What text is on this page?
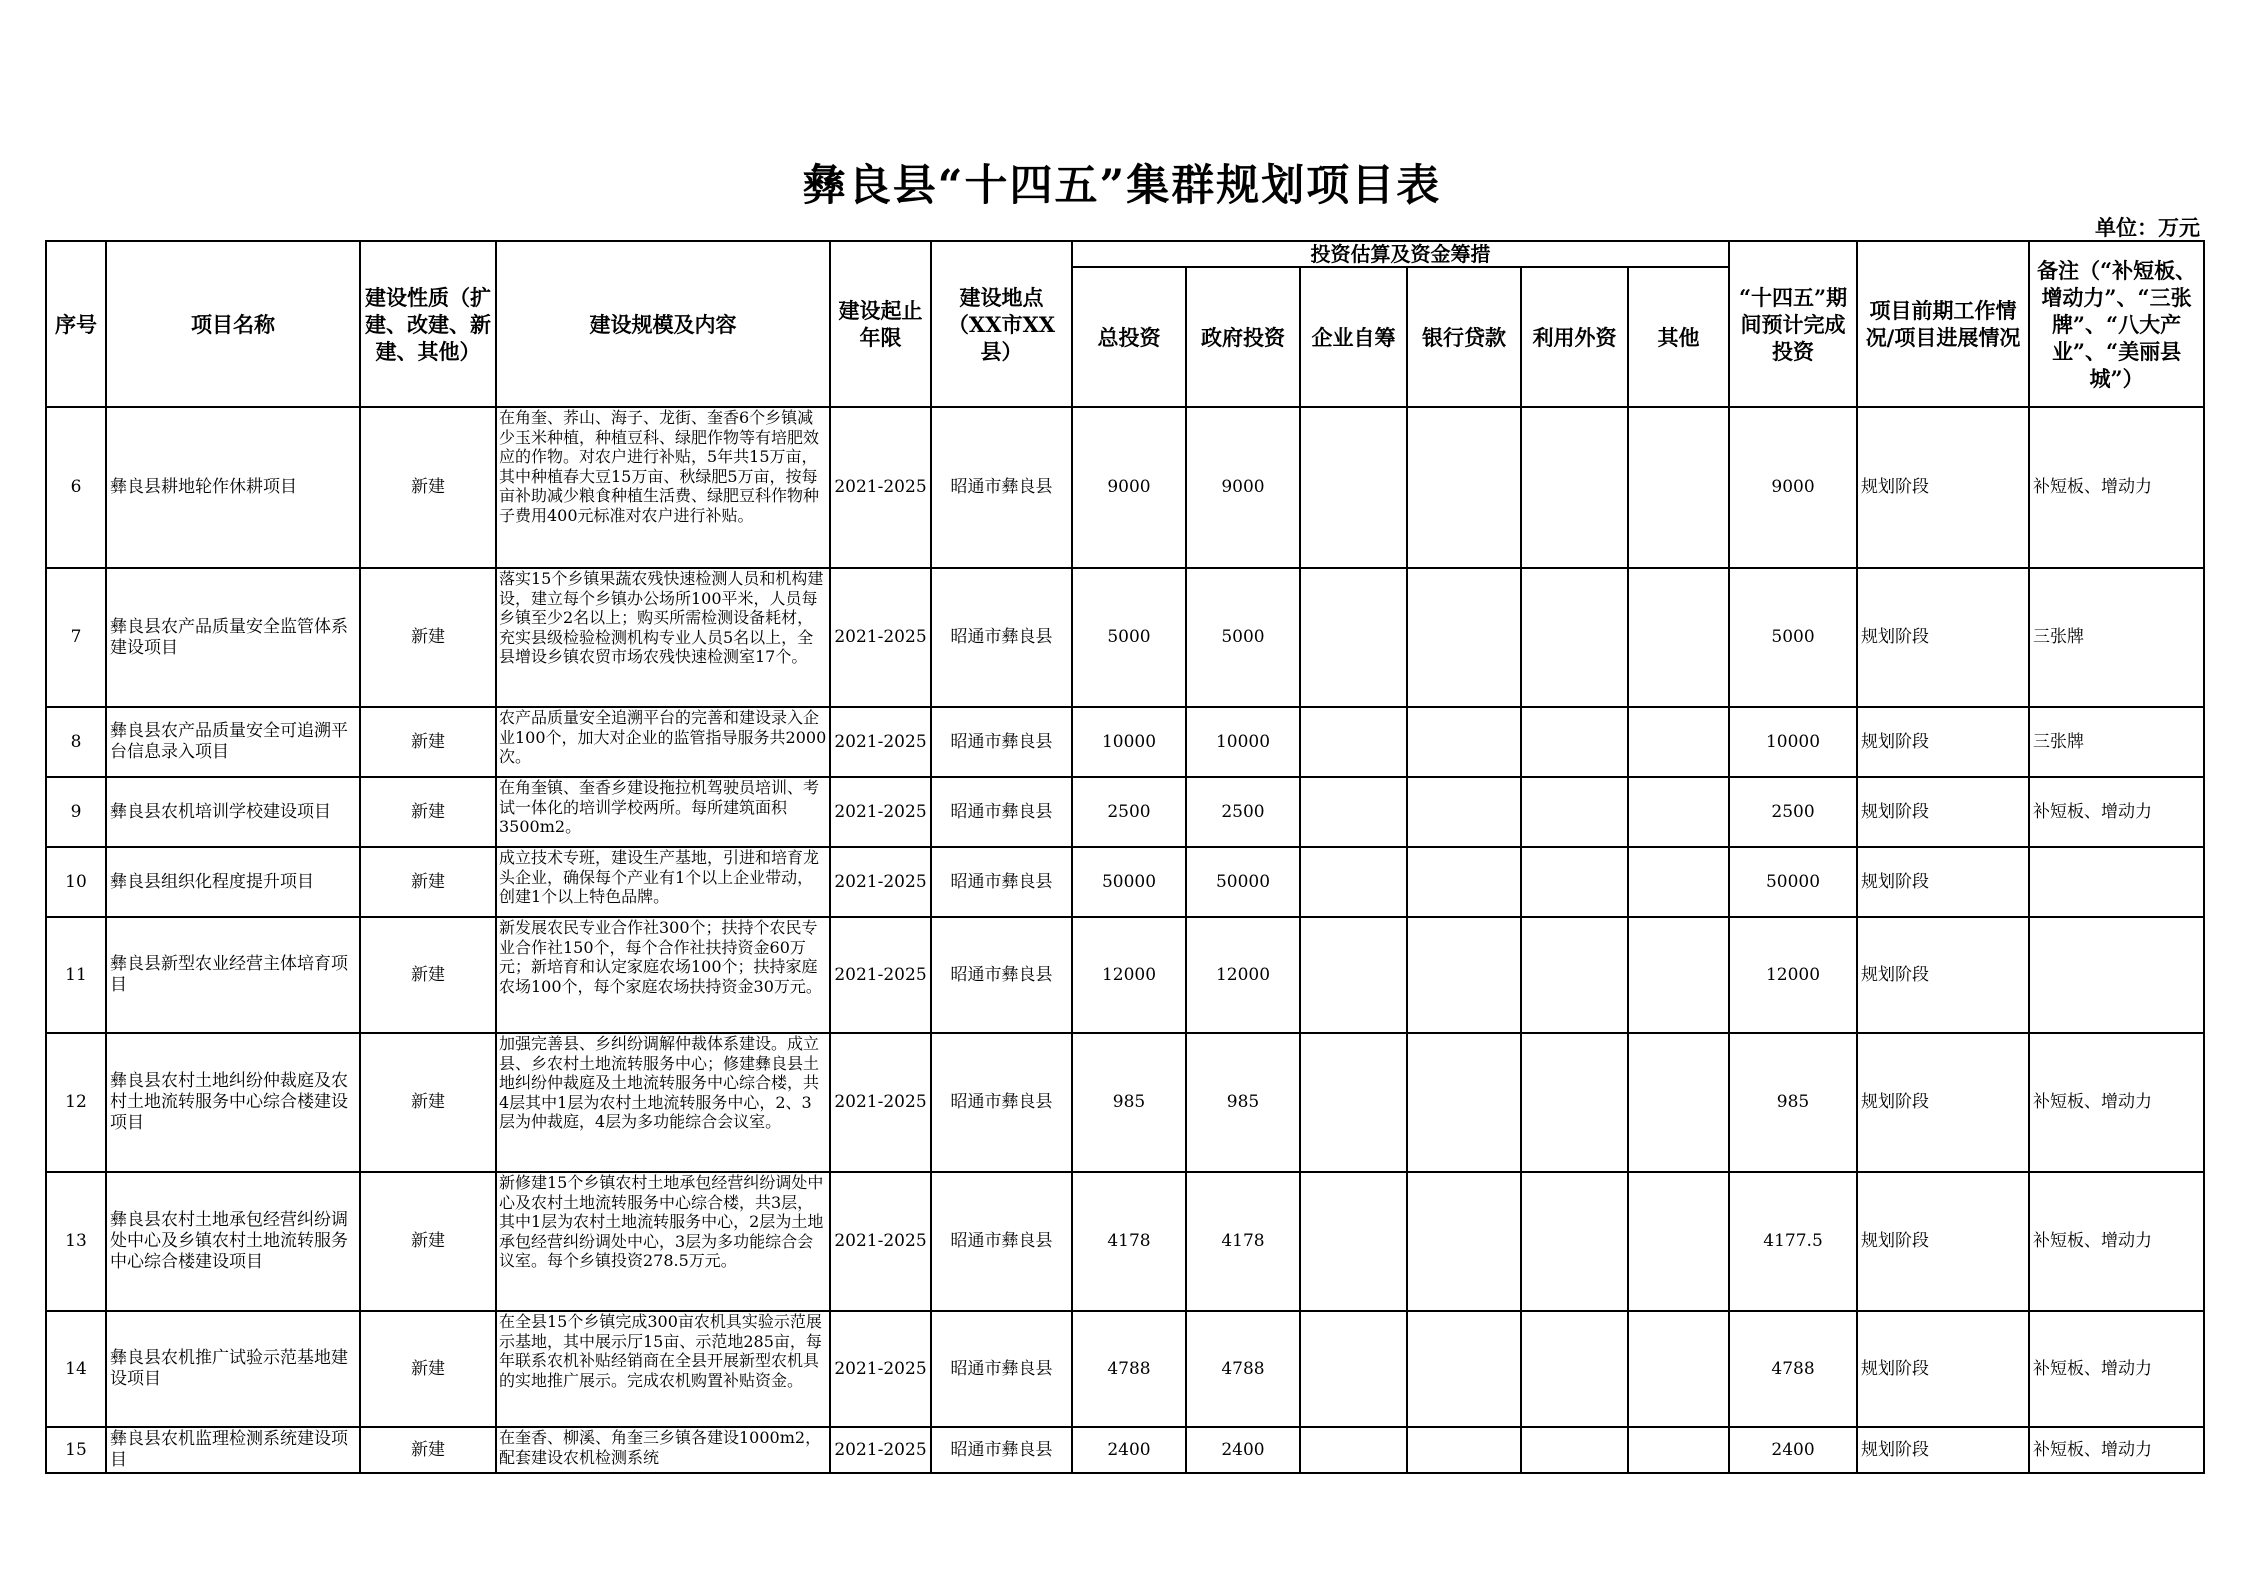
彝良县“十四五”集群规划项目表
单位：万元
序号	项目名称	建设性质（扩建、改建、新建、其他）	建设规模及内容	建设起止年限	建设地点（XX市XX县）	投资估算及资金筹措						“十四五”期间预计完成投资	项目前期工作情况/项目进展情况	备注（“补短板、增动力”、“三张牌”、“八大产业”、“美丽县城”）
						总投资	政府投资	企业自筹	银行贷款	利用外资	其他			
6	彝良县耕地轮作休耕项目	新建	在角奎、荞山、海子、龙街、奎香6个乡镇减少玉米种植，种植豆科、绿肥作物等有培肥效应的作物。对农户进行补贴，5年共15万亩，其中种植春大豆15万亩、秋绿肥5万亩，按每亩补助减少粮食种植生活费、绿肥豆科作物种子费用400元标准对农户进行补贴。	2021-2025	昭通市彝良县	9000	9000					9000	规划阶段	补短板、增动力
7	彝良县农产品质量安全监管体系建设项目	新建	落实15个乡镇果蔬农残快速检测人员和机构建设，建立每个乡镇办公场所100平米，人员每乡镇至少2名以上；购买所需检测设备耗材，充实县级检验检测机构专业人员5名以上，全县增设乡镇农贸市场农残快速检测室17个。	2021-2025	昭通市彝良县	5000	5000					5000	规划阶段	三张牌
8	彝良县农产品质量安全可追溯平台信息录入项目	新建	农产品质量安全追溯平台的完善和建设录入企业100个，加大对企业的监管指导服务共2000次。	2021-2025	昭通市彝良县	10000	10000					10000	规划阶段	三张牌
9	彝良县农机培训学校建设项目	新建	在角奎镇、奎香乡建设拖拉机驾驶员培训、考试一体化的培训学校两所。每所建筑面积3500m2。	2021-2025	昭通市彝良县	2500	2500					2500	规划阶段	补短板、增动力
10	彝良县组织化程度提升项目	新建	成立技术专班，建设生产基地，引进和培育龙头企业，确保每个产业有1个以上企业带动，创建1个以上特色品牌。	2021-2025	昭通市彝良县	50000	50000					50000	规划阶段	
11	彝良县新型农业经营主体培育项目	新建	新发展农民专业合作社300个；扶持个农民专业合作社150个，每个合作社扶持资金60万元；新培育和认定家庭农场100个；扶持家庭农场100个，每个家庭农场扶持资金30万元。	2021-2025	昭通市彝良县	12000	12000					12000	规划阶段	
12	彝良县农村土地纠纷仲裁庭及农村土地流转服务中心综合楼建设项目	新建	加强完善县、乡纠纷调解仲裁体系建设。成立县、乡农村土地流转服务中心；修建彝良县土地纠纷仲裁庭及土地流转服务中心综合楼，共4层其中1层为农村土地流转服务中心，2、3层为仲裁庭，4层为多功能综合会议室。	2021-2025	昭通市彝良县	985	985					985	规划阶段	补短板、增动力
13	彝良县农村土地承包经营纠纷调处中心及乡镇农村土地流转服务中心综合楼建设项目	新建	新修建15个乡镇农村土地承包经营纠纷调处中心及农村土地流转服务中心综合楼，共3层，其中1层为农村土地流转服务中心，2层为土地承包经营纠纷调处中心，3层为多功能综合会议室。每个乡镇投资278.5万元。	2021-2025	昭通市彝良县	4178	4178					4177.5	规划阶段	补短板、增动力
14	彝良县农机推广试验示范基地建设项目	新建	在全县15个乡镇完成300亩农机具实验示范展示基地，其中展示厅15亩、示范地285亩，每年联系农机补贴经销商在全县开展新型农机具的实地推广展示。完成农机购置补贴资金。	2021-2025	昭通市彝良县	4788	4788					4788	规划阶段	补短板、增动力
15	彝良县农机监理检测系统建设项目	新建	在奎香、柳溪、角奎三乡镇各建设1000m2，配套建设农机检测系统	2021-2025	昭通市彝良县	2400	2400					2400	规划阶段	补短板、增动力
